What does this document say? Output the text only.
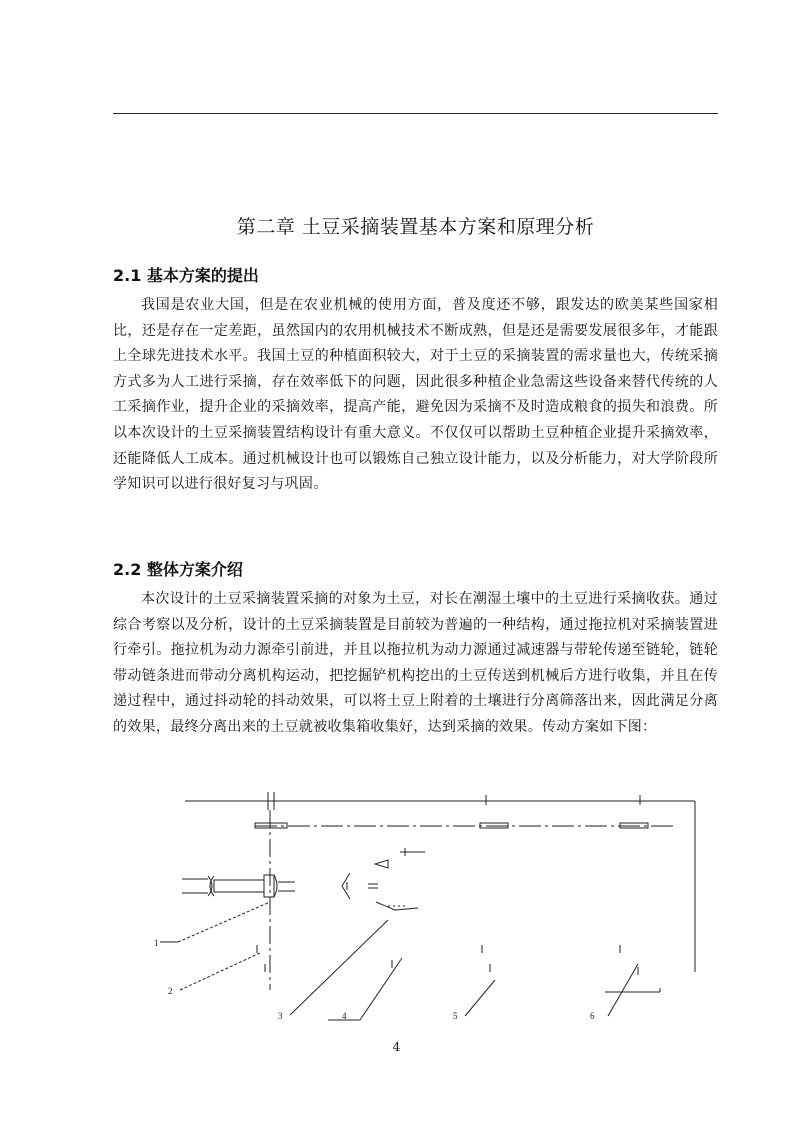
第二章 土豆采摘装置基本方案和原理分析
2.1 基本方案的提出

我国是农业大国，但是在农业机械的使用方面，普及度还不够，跟发达的欧美某些国家相比，还是存在一定差距，虽然国内的农用机械技术不断成熟，但是还是需要发展很多年，才能跟上全球先进技术水平。我国土豆的种植面积较大，对于土豆的采摘装置的需求量也大，传统采摘方式多为人工进行采摘，存在效率低下的问题，因此很多种植企业急需这些设备来替代传统的人工采摘作业，提升企业的采摘效率，提高产能，避免因为采摘不及时造成粮食的损失和浪费。所以本次设计的土豆采摘装置结构设计有重大意义。不仅仅可以帮助土豆种植企业提升采摘效率，还能降低人工成本。通过机械设计也可以锻炼自己独立设计能力，以及分析能力，对大学阶段所学知识可以进行很好复习与巩固。

2.2 整体方案介绍

本次设计的土豆采摘装置采摘的对象为土豆，对长在潮湿土壤中的土豆进行采摘收获。通过综合考察以及分析，设计的土豆采摘装置是目前较为普遍的一种结构，通过拖拉机对采摘装置进行牵引。拖拉机为动力源牵引前进，并且以拖拉机为动力源通过减速器与带轮传递至链轮，链轮带动链条进而带动分离机构运动，把挖掘铲机构挖出的土豆传送到机械后方进行收集，并且在传递过程中，通过抖动轮的抖动效果，可以将土豆上附着的土壤进行分离筛落出来，因此满足分离的效果，最终分离出来的土豆就被收集箱收集好，达到采摘的效果。传动方案如下图：

1
2
3	4	5	6
4
